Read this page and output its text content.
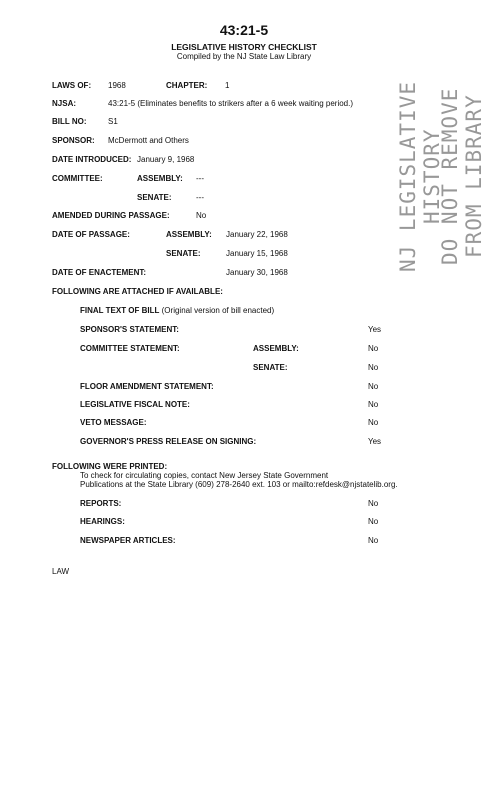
43:21-5
LEGISLATIVE HISTORY CHECKLIST
Compiled by the NJ State Law Library
NJ LEGISLATIVE HISTORY
DO NOT REMOVE FROM LIBRARY
LAWS OF: 1968	CHAPTER: 1
NJSA:	43:21-5 (Eliminates benefits to strikers after a 6 week waiting period.)
BILL NO:	S1
SPONSOR: McDermott and Others
DATE INTRODUCED: January 9, 1968
COMMITTEE:	ASSEMBLY: ---
SENATE:	---
AMENDED DURING PASSAGE:	No
DATE OF PASSAGE:	ASSEMBLY: January 22, 1968
SENATE:	January 15, 1968
DATE OF ENACTEMENT:	January 30, 1968
FOLLOWING ARE ATTACHED IF AVAILABLE:
FINAL TEXT OF BILL (Original version of bill enacted)
SPONSOR'S STATEMENT:	Yes
COMMITTEE STATEMENT:	ASSEMBLY:	No
SENATE:	No
FLOOR AMENDMENT STATEMENT:	No
LEGISLATIVE FISCAL NOTE:	No
VETO MESSAGE:	No
GOVERNOR'S PRESS RELEASE ON SIGNING:	Yes
FOLLOWING WERE PRINTED:
To check for circulating copies, contact New Jersey State Government
Publications at the State Library (609) 278-2640 ext. 103 or mailto:refdesk@njstatelib.org.
REPORTS:	No
HEARINGS:	No
NEWSPAPER ARTICLES:	No
LAW
